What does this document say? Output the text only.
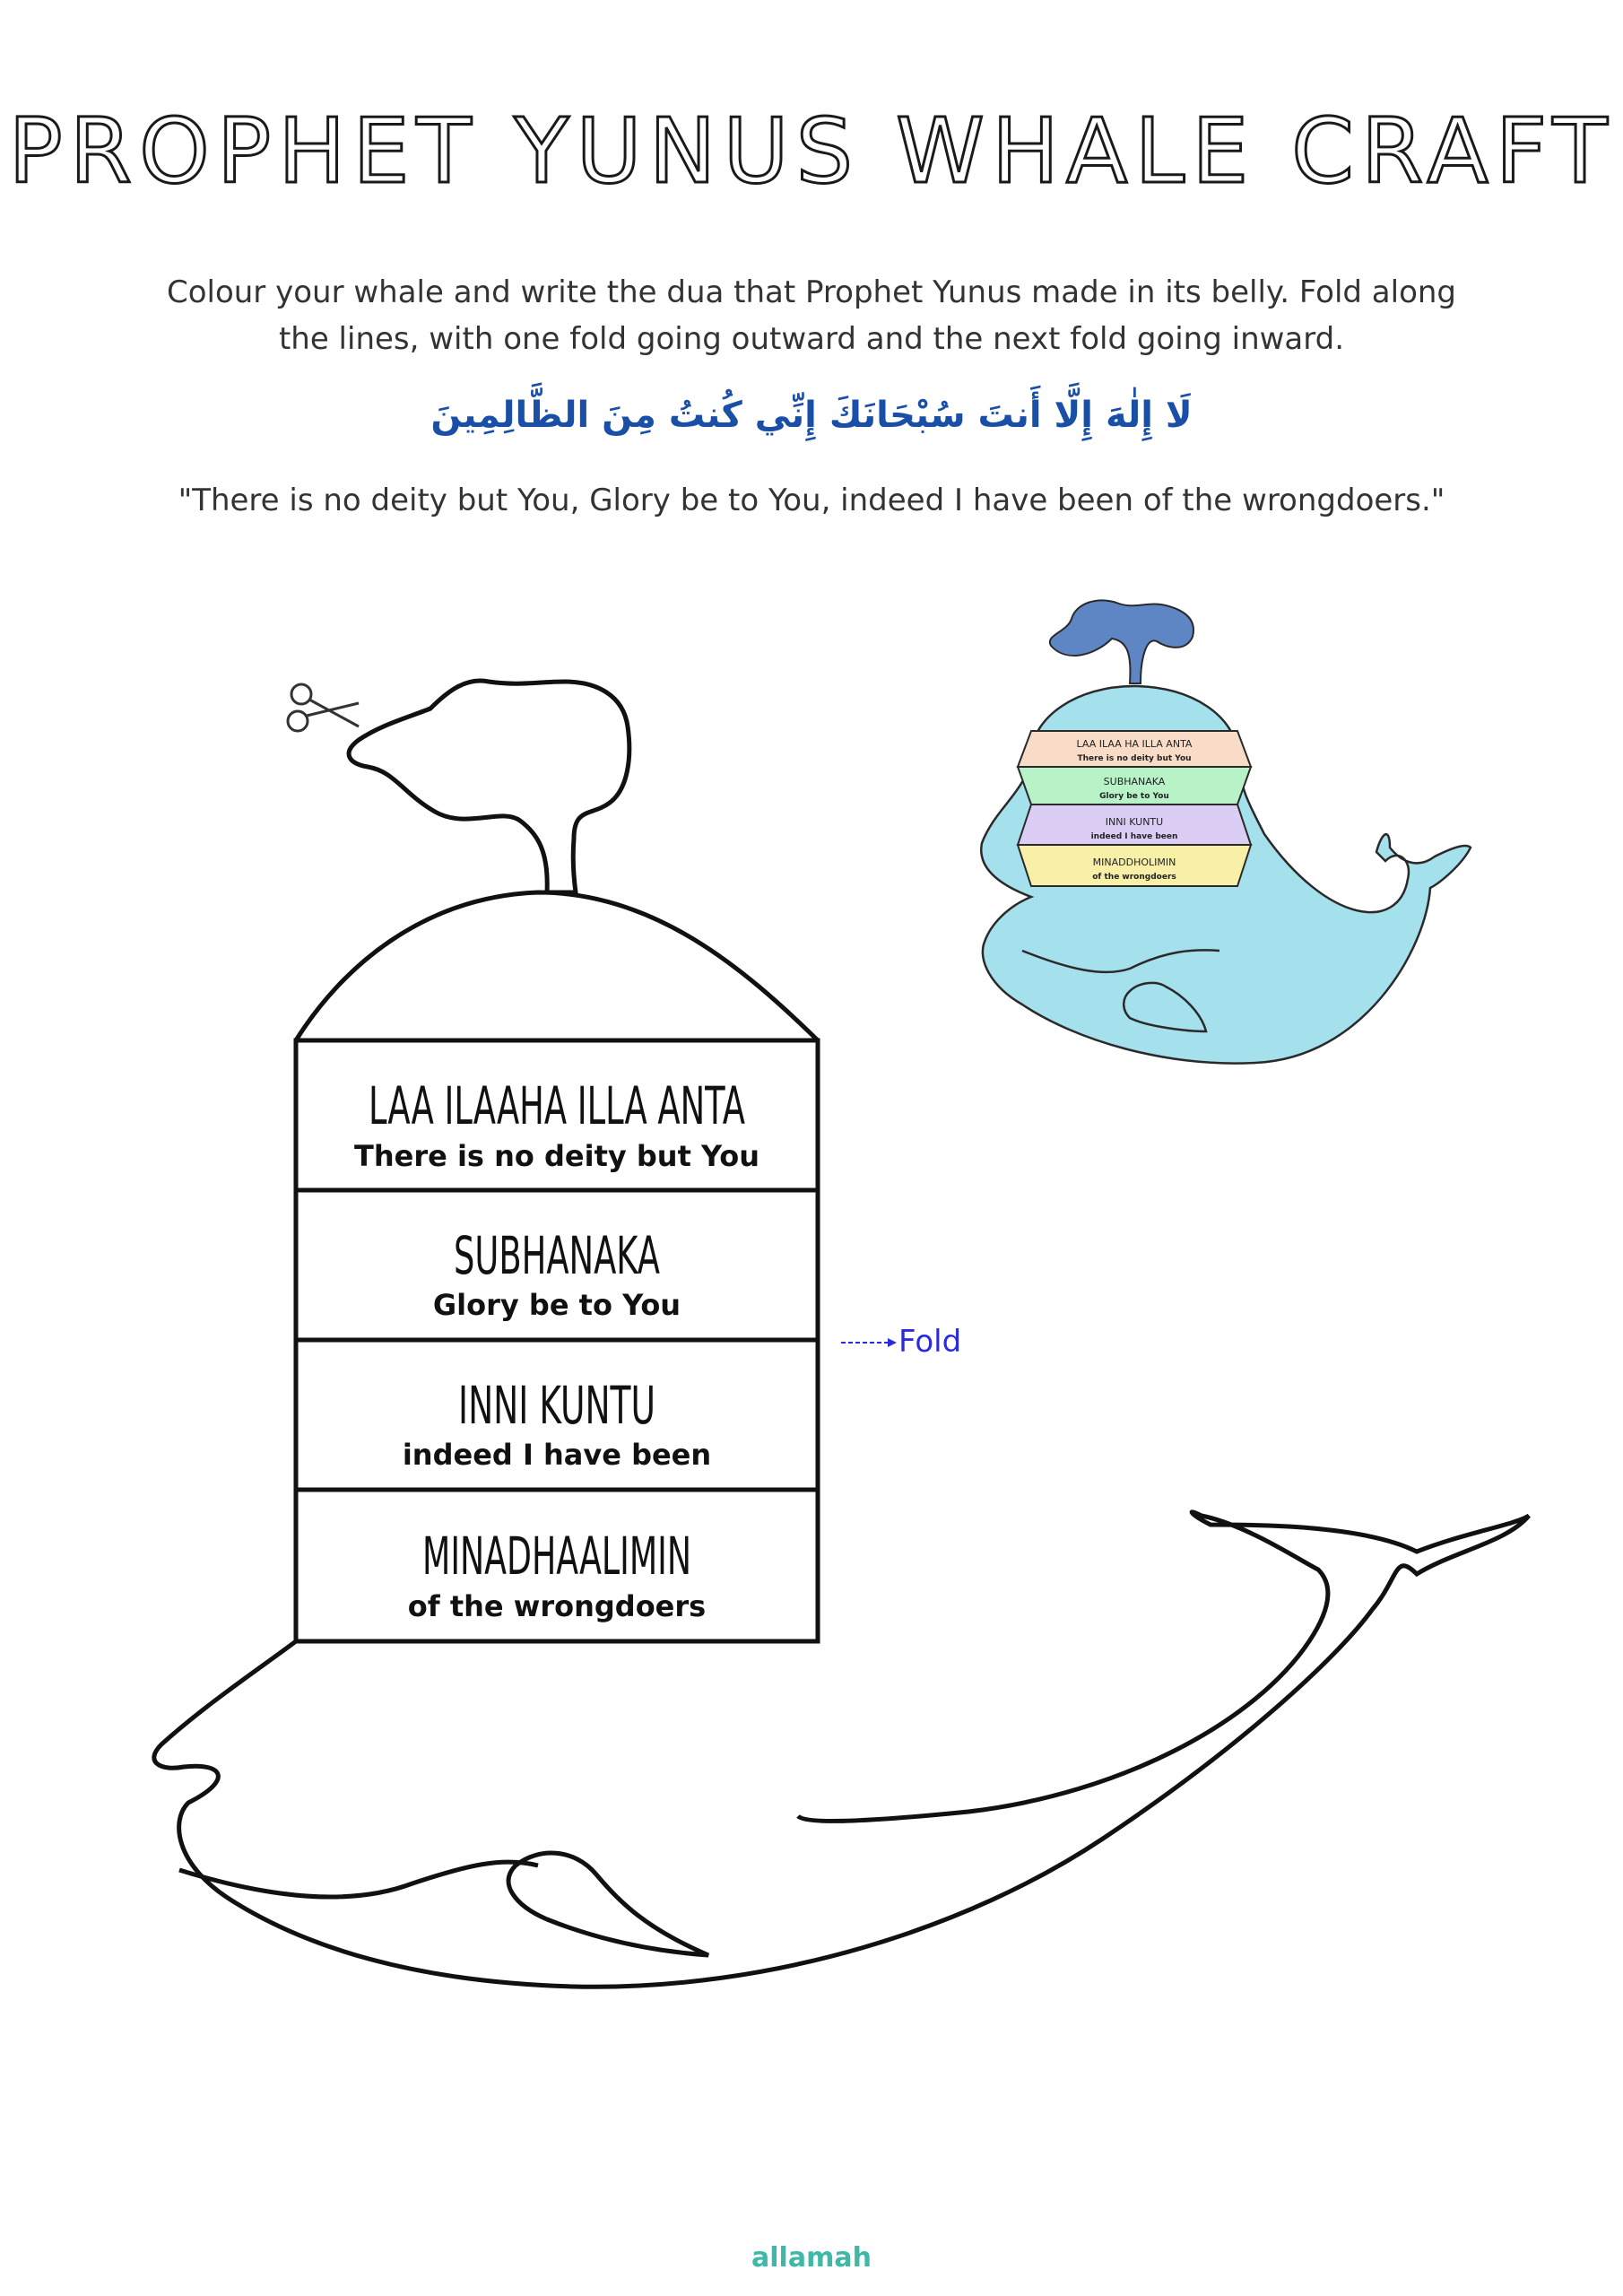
PROPHET YUNUS WHALE CRAFT
Colour your whale and write the dua that Prophet Yunus made in its belly. Fold along the lines, with one fold going outward and the next fold going inward.
لَا إِلٰهَ إِلَّا أَنتَ سُبْحَانَكَ إِنِّي كُنتُ مِنَ الظَّالِمِينَ
"There is no deity but You, Glory be to You, indeed I have been of the wrongdoers."
LAA ILAA HA ILLA ANTA
There is no deity but You
SUBHANAKA
Glory be to You
INNI KUNTU
indeed I have been
MINADDHOLIMIN
of the wrongdoers
LAA ILAAHA ILLA ANTA
There is no deity but You
SUBHANAKA
Glory be to You
INNI KUNTU
indeed I have been
MINADHAALIMIN
of the wrongdoers
Fold
allamah
